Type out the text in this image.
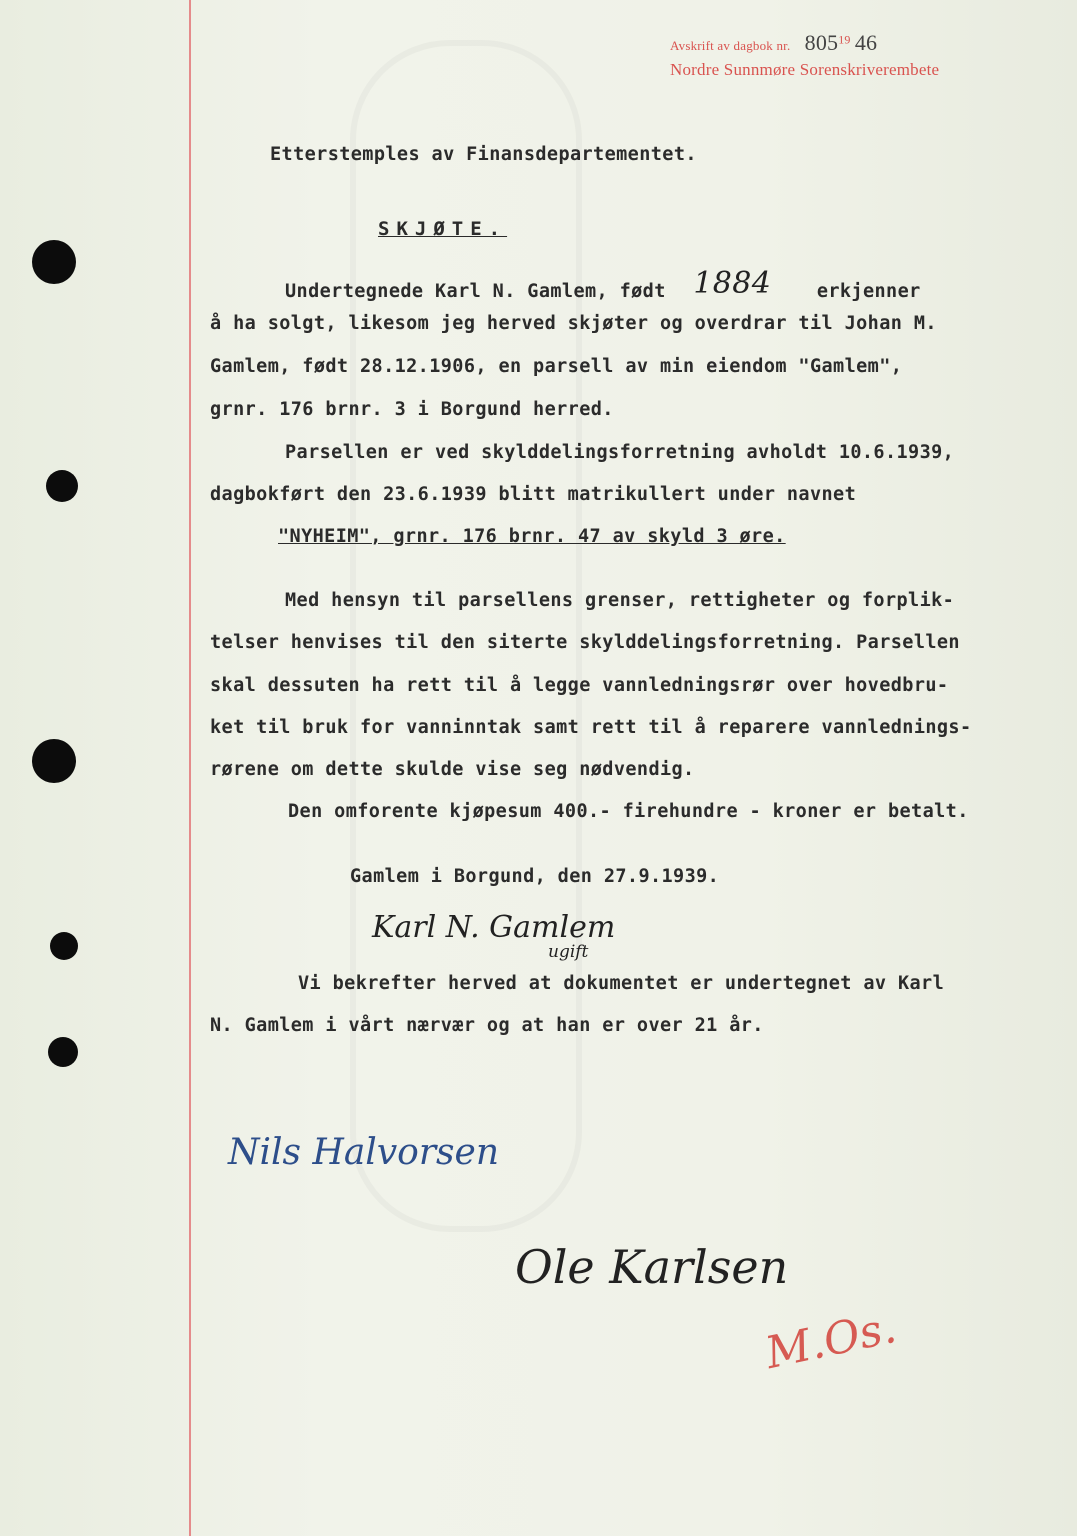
Avskrift av dagbok nr. $805^{19}$ 46
Nordre Sunnmøre Sorenskriverembete
Etterstemples av Finansdepartementet.
SKJØTE.
Undertegnede Karl N. Gamlem, født 1884 erkjenner
å ha solgt, likesom jeg herved skjøter og overdrar til Johan M.
Gamlem, født 28.12.1906, en parsell av min eiendom "Gamlem",
grnr. 176 brnr. 3 i Borgund herred.
Parsellen er ved skylddelingsforretning avholdt 10.6.1939,
dagbokført den 23.6.1939 blitt matrikullert under navnet
"NYHEIM", grnr. 176 brnr. 47 av skyld 3 øre.
Med hensyn til parsellens grenser, rettigheter og forplik-
telser henvises til den siterte skylddelingsforretning. Parsellen
skal dessuten ha rett til å legge vannledningsrør over hovedbru-
ket til bruk for vanninntak samt rett til å reparere vannlednings-
rørene om dette skulde vise seg nødvendig.
Den omforente kjøpesum 400.- firehundre - kroner er betalt.
Gamlem i Borgund, den 27.9.1939.
Karl N. Gamlem
ugift
Vi bekrefter herved at dokumentet er undertegnet av Karl
N. Gamlem i vårt nærvær og at han er over 21 år.
Nils Halvorsen
Ole Karlsen
M.Os.
